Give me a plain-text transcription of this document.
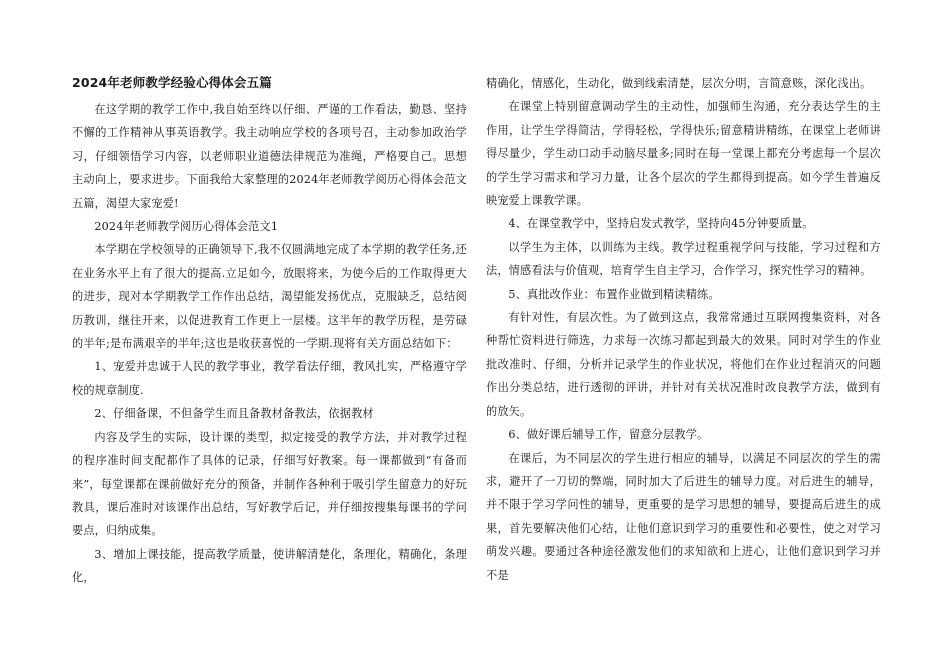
2024年老师教学经验心得体会五篇

在这学期的教学工作中,我自始至终以仔细、严谨的工作看法，勤恳、坚持不懈的工作精神从事英语教学。我主动响应学校的各项号召，主动参加政治学习，仔细领悟学习内容，以老师职业道德法律规范为准绳，严格要自己。思想主动向上，要求进步。下面我给大家整理的2024年老师教学阅历心得体会范文五篇，渴望大家宠爱!

2024年老师教学阅历心得体会范文1

本学期在学校领导的正确领导下,我不仅圆满地完成了本学期的教学任务,还在业务水平上有了很大的提高.立足如今，放眼将来，为使今后的工作取得更大的进步，现对本学期教学工作作出总结，渴望能发扬优点，克服缺乏，总结阅历教训，继往开来，以促进教育工作更上一层楼。这半年的教学历程，是劳碌的半年;是布满艰辛的半年;这也是收获喜悦的一学期.现将有关方面总结如下：

1、宠爱并忠诚于人民的教学事业，教学看法仔细，教风扎实，严格遵守学校的规章制度.

2、仔细备课，不但备学生而且备教材备教法，依据教材

内容及学生的实际，设计课的类型，拟定接受的教学方法，并对教学过程的程序准时间支配都作了具体的记录，仔细写好教案。每一课都做到“有备而来”，每堂课都在课前做好充分的预备，并制作各种利于吸引学生留意力的好玩教具，课后准时对该课作出总结，写好教学后记，并仔细按搜集每课书的学问要点，归纳成集。

3、增加上课技能，提高教学质量，使讲解清楚化，条理化，精确化，条理化，

精确化，情感化，生动化，做到线索清楚，层次分明，言简意赅，深化浅出。

在课堂上特别留意调动学生的主动性，加强师生沟通，充分表达学生的主作用，让学生学得简洁，学得轻松，学得快乐;留意精讲精练，在课堂上老师讲得尽量少，学生动口动手动脑尽量多;同时在每一堂课上都充分考虑每一个层次的学生学习需求和学习力量，让各个层次的学生都得到提高。如今学生普遍反映宠爱上课教学课。

4、在课堂教学中，坚持启发式教学，坚持向45分钟要质量。

以学生为主体，以训练为主线。教学过程重视学问与技能，学习过程和方法，情感看法与价值观，培育学生自主学习，合作学习，探究性学习的精神。

5、真批改作业：布置作业做到精读精练。

有针对性，有层次性。为了做到这点，我常常通过互联网搜集资料，对各种帮忙资料进行筛选，力求每一次练习都起到最大的效果。同时对学生的作业批改准时、仔细，分析并记录学生的作业状况，将他们在作业过程消灭的问题作出分类总结，进行透彻的评讲，并针对有关状况准时改良教学方法，做到有的放矢。

6、做好课后辅导工作，留意分层教学。

在课后，为不同层次的学生进行相应的辅导，以满足不同层次的学生的需求，避开了一刀切的弊端，同时加大了后进生的辅导力度。对后进生的辅导，并不限于学习学问性的辅导，更重要的是学习思想的辅导，要提高后进生的成果，首先要解决他们心结，让他们意识到学习的重要性和必要性，使之对学习萌发兴趣。要通过各种途径激发他们的求知欲和上进心，让他们意识到学习并不是
